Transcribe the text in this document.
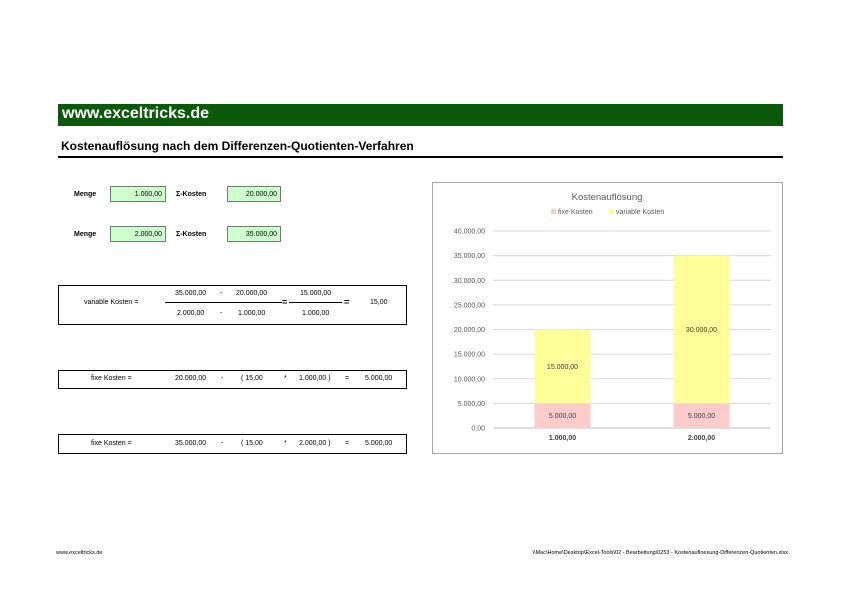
www.exceltricks.de
Kostenauflösung nach dem Differenzen-Quotienten-Verfahren
Menge	1.000,00	Σ-Kosten	20.000,00
Menge	2.000,00	Σ-Kosten	35.000,00
variable Kosten =
35.000,00 - 20.000,00
2.000,00 - 1.000,00
=
15.000,00
1.000,00
=	15,00
fixe Kosten =	20.000,00 -	( 15,00	* 1.000,00 ) = 5.000,00
fixe Kosten =	35.000,00 -	( 15,00	* 2.000,00 ) = 5.000,00
Kostenauflösung
fixe Kosten	variable Kosten
0,00
5.000,00
10.000,00
15.000,00
20.000,00
25.000,00
30.000,00
35.000,00
40.000,00
5.000,00
15.000,00
1.000,00
5.000,00
30.000,00
2.000,00
www.exceltricks.de	\\Mac\Home\Desktop\Excel-Tools\02 - Bearbeitung\0253 - Kostenaufloesung-Differenzen-Quotienten.xlsx
